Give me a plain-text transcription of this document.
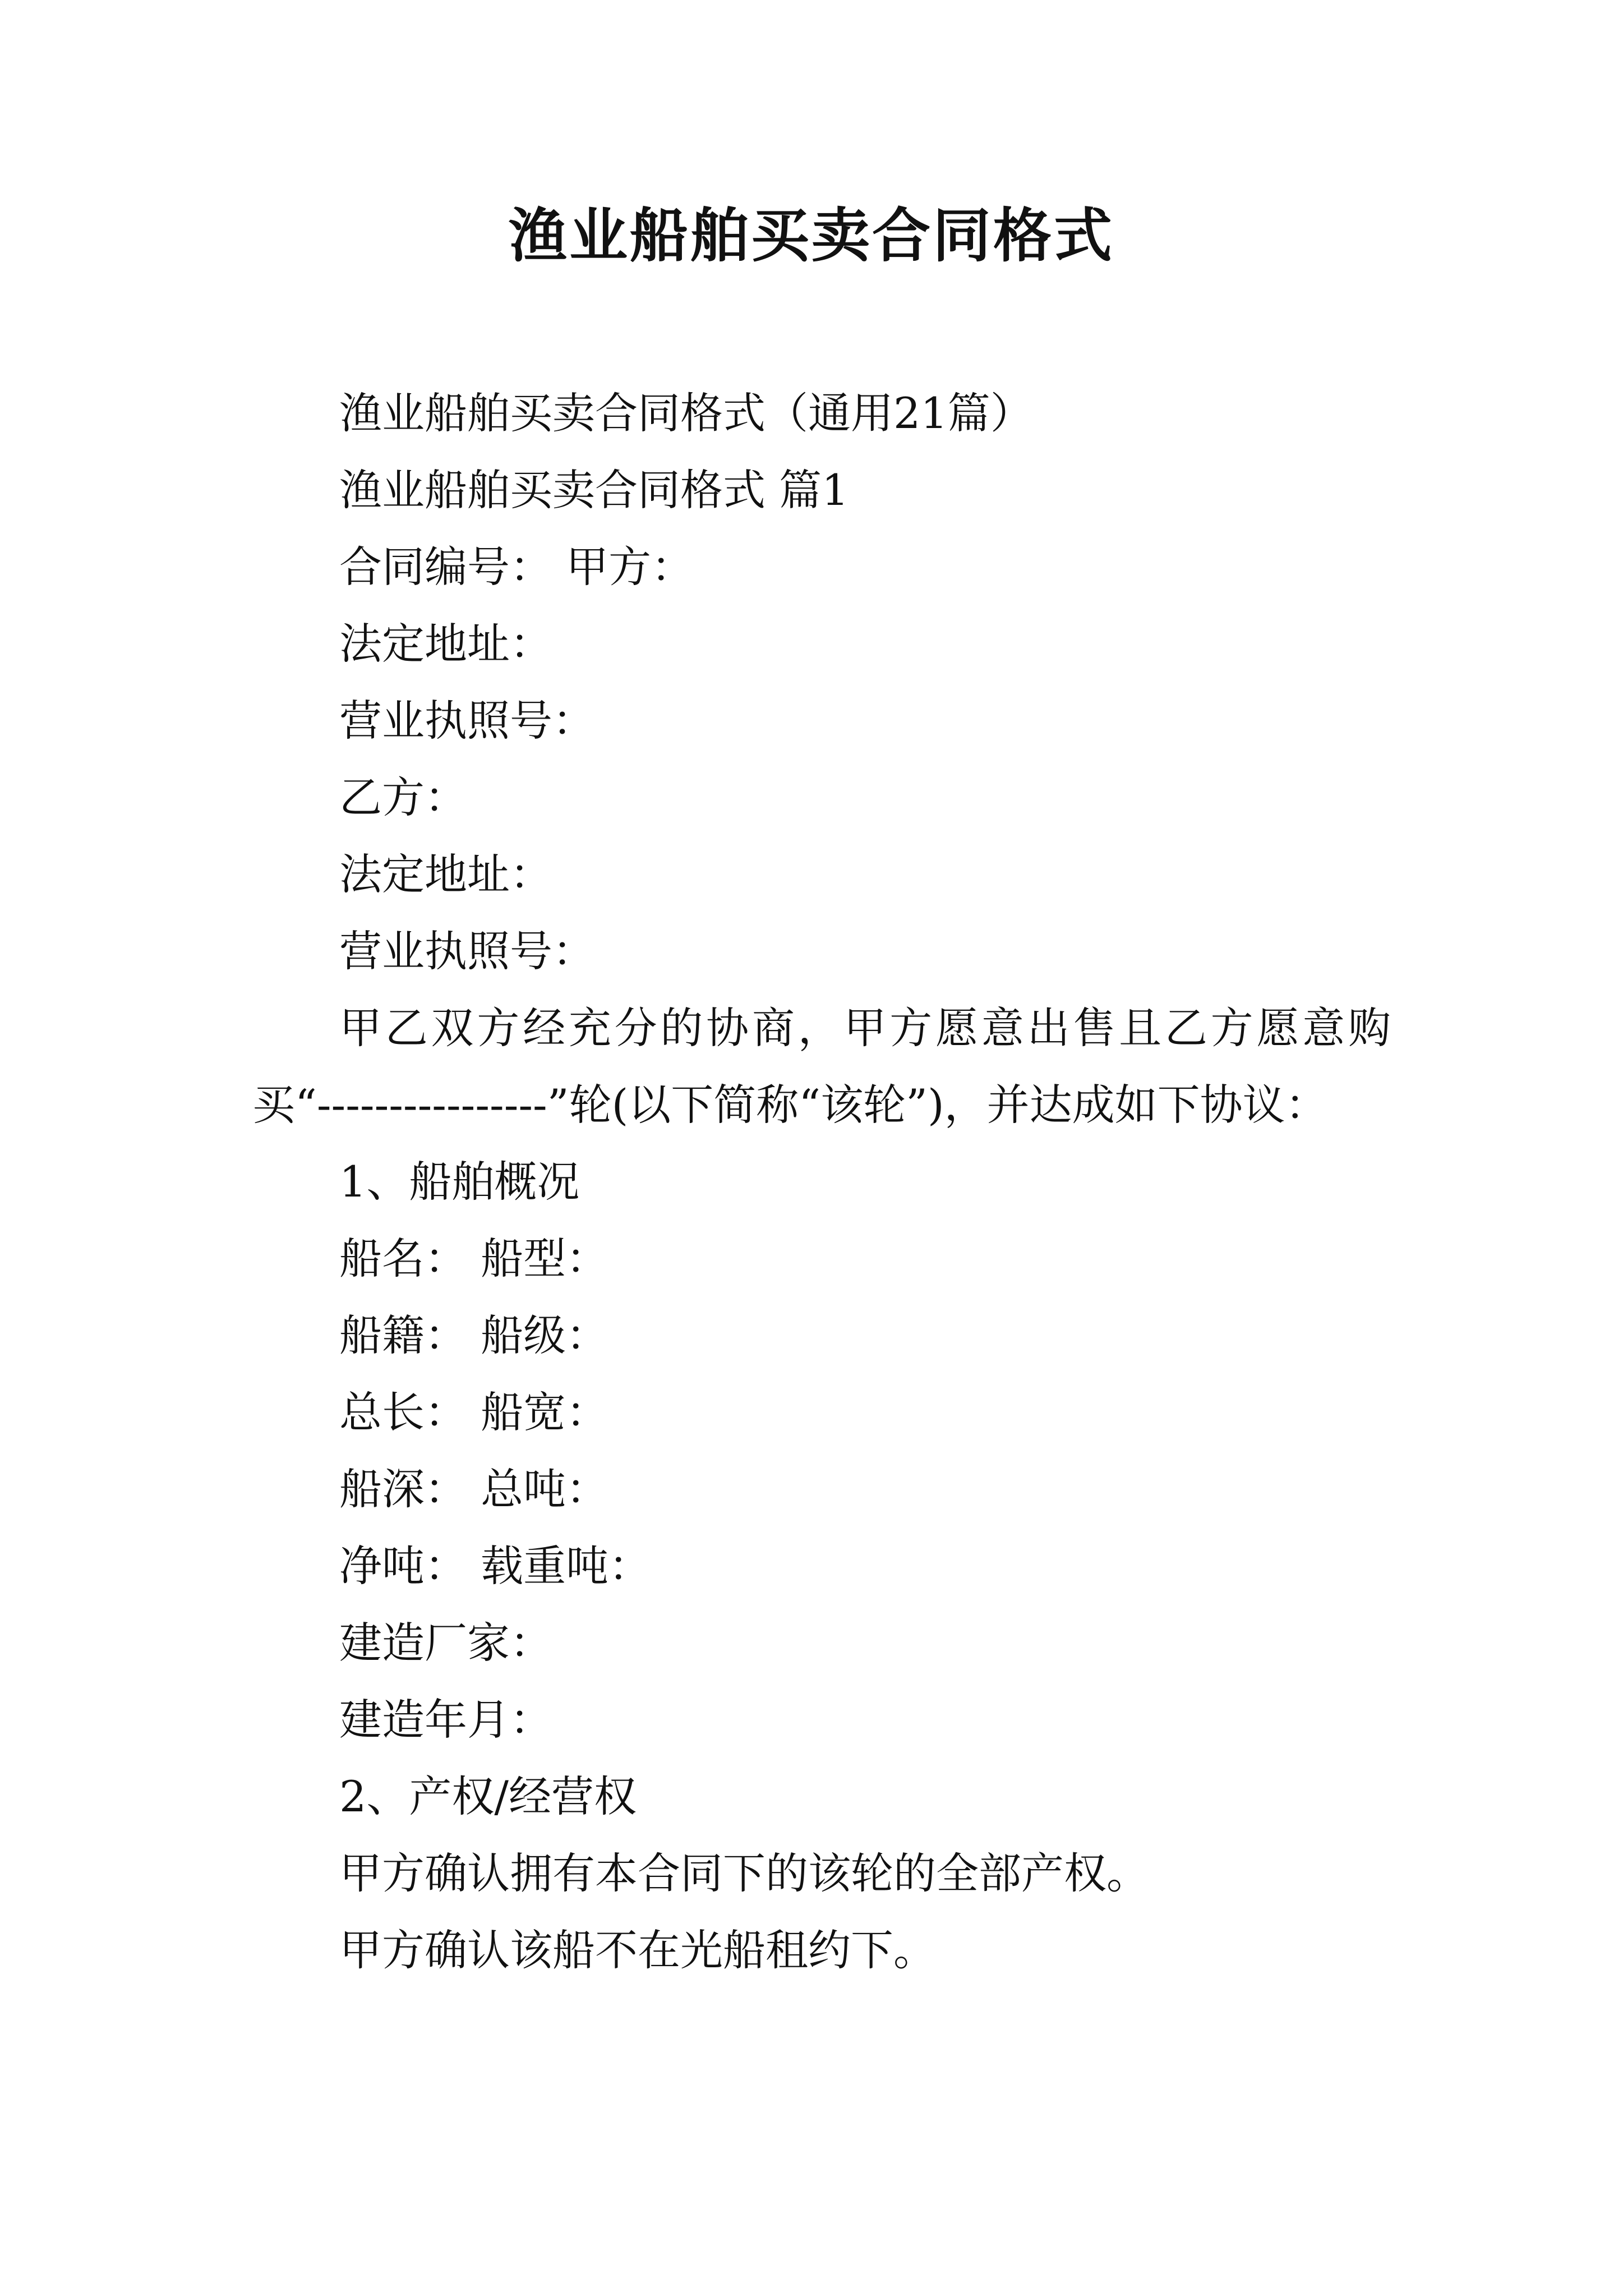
渔业船舶买卖合同格式

渔业船舶买卖合同格式（通用21篇）

渔业船舶买卖合同格式 篇1

合同编号： 甲方：

法定地址：

营业执照号：

乙方：

法定地址：

营业执照号：

甲乙双方经充分的协商，甲方愿意出售且乙方愿意购买“----------------”轮(以下简称“该轮”)，并达成如下协议：

1、船舶概况

船名： 船型：

船籍： 船级：

总长： 船宽：

船深： 总吨：

净吨： 载重吨：

建造厂家：

建造年月：

2、产权/经营权

甲方确认拥有本合同下的该轮的全部产权。

甲方确认该船不在光船租约下。
